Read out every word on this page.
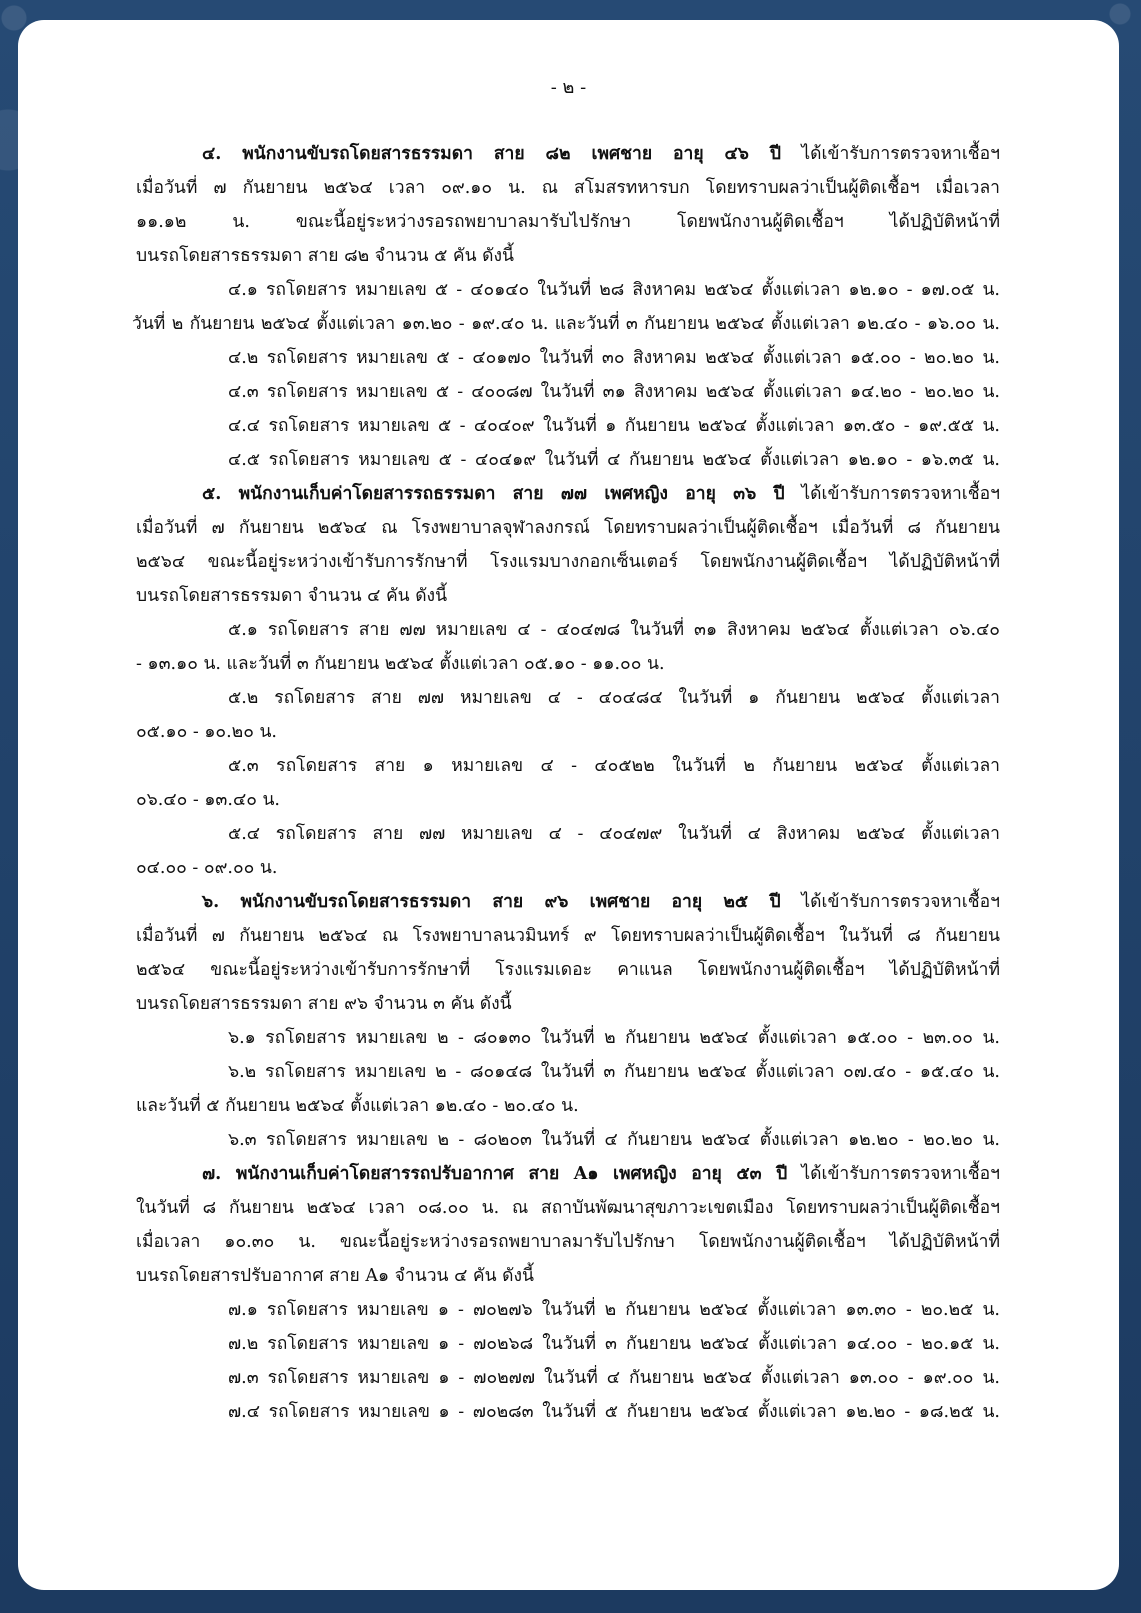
- ๒ -
๔. พนักงานขับรถโดยสารธรรมดา สาย ๘๒ เพศชาย อายุ ๔๖ ปี ได้เข้ารับการตรวจหาเชื้อฯ
เมื่อวันที่ ๗ กันยายน ๒๕๖๔ เวลา ๐๙.๑๐ น. ณ สโมสรทหารบก โดยทราบผลว่าเป็นผู้ติดเชื้อฯ เมื่อเวลา
๑๑.๑๒ น. ขณะนี้อยู่ระหว่างรอรถพยาบาลมารับไปรักษา โดยพนักงานผู้ติดเชื้อฯ ได้ปฏิบัติหน้าที่
บนรถโดยสารธรรมดา สาย ๘๒ จำนวน ๕ คัน ดังนี้
๔.๑ รถโดยสาร หมายเลข ๕ - ๔๐๑๔๐ ในวันที่ ๒๘ สิงหาคม ๒๕๖๔ ตั้งแต่เวลา ๑๒.๑๐ - ๑๗.๐๕ น.
วันที่ ๒ กันยายน ๒๕๖๔ ตั้งแต่เวลา ๑๓.๒๐ - ๑๙.๔๐ น. และวันที่ ๓ กันยายน ๒๕๖๔ ตั้งแต่เวลา ๑๒.๔๐ - ๑๖.๐๐ น.
๔.๒ รถโดยสาร หมายเลข ๕ - ๔๐๑๗๐ ในวันที่ ๓๐ สิงหาคม ๒๕๖๔ ตั้งแต่เวลา ๑๕.๐๐ - ๒๐.๒๐ น.
๔.๓ รถโดยสาร หมายเลข ๕ - ๔๐๐๘๗ ในวันที่ ๓๑ สิงหาคม ๒๕๖๔ ตั้งแต่เวลา ๑๔.๒๐ - ๒๐.๒๐ น.
๔.๔ รถโดยสาร หมายเลข ๕ - ๔๐๔๐๙ ในวันที่ ๑ กันยายน ๒๕๖๔ ตั้งแต่เวลา ๑๓.๕๐ - ๑๙.๕๕ น.
๔.๕ รถโดยสาร หมายเลข ๕ - ๔๐๔๑๙ ในวันที่ ๔ กันยายน ๒๕๖๔ ตั้งแต่เวลา ๑๒.๑๐ - ๑๖.๓๕ น.
๕. พนักงานเก็บค่าโดยสารรถธรรมดา สาย ๗๗ เพศหญิง อายุ ๓๖ ปี ได้เข้ารับการตรวจหาเชื้อฯ
เมื่อวันที่ ๗ กันยายน ๒๕๖๔ ณ โรงพยาบาลจุฬาลงกรณ์ โดยทราบผลว่าเป็นผู้ติดเชื้อฯ เมื่อวันที่ ๘ กันยายน
๒๕๖๔ ขณะนี้อยู่ระหว่างเข้ารับการรักษาที่ โรงแรมบางกอกเซ็นเตอร์ โดยพนักงานผู้ติดเชื้อฯ ได้ปฏิบัติหน้าที่
บนรถโดยสารธรรมดา จำนวน ๔ คัน ดังนี้
๕.๑ รถโดยสาร สาย ๗๗ หมายเลข ๔ - ๔๐๔๗๘ ในวันที่ ๓๑ สิงหาคม ๒๕๖๔ ตั้งแต่เวลา ๐๖.๔๐
- ๑๓.๑๐ น. และวันที่ ๓ กันยายน ๒๕๖๔ ตั้งแต่เวลา ๐๕.๑๐ - ๑๑.๐๐ น.
๕.๒ รถโดยสาร สาย ๗๗ หมายเลข ๔ - ๔๐๔๘๔ ในวันที่ ๑ กันยายน ๒๕๖๔ ตั้งแต่เวลา
๐๕.๑๐ - ๑๐.๒๐ น.
๕.๓ รถโดยสาร สาย ๑ หมายเลข ๔ - ๔๐๕๒๒ ในวันที่ ๒ กันยายน ๒๕๖๔ ตั้งแต่เวลา
๐๖.๔๐ - ๑๓.๔๐ น.
๕.๔ รถโดยสาร สาย ๗๗ หมายเลข ๔ - ๔๐๔๗๙ ในวันที่ ๔ สิงหาคม ๒๕๖๔ ตั้งแต่เวลา
๐๔.๐๐ - ๐๙.๐๐ น.
๖. พนักงานขับรถโดยสารธรรมดา สาย ๙๖ เพศชาย อายุ ๒๕ ปี ได้เข้ารับการตรวจหาเชื้อฯ
เมื่อวันที่ ๗ กันยายน ๒๕๖๔ ณ โรงพยาบาลนวมินทร์ ๙ โดยทราบผลว่าเป็นผู้ติดเชื้อฯ ในวันที่ ๘ กันยายน
๒๕๖๔ ขณะนี้อยู่ระหว่างเข้ารับการรักษาที่ โรงแรมเดอะ คาแนล โดยพนักงานผู้ติดเชื้อฯ ได้ปฏิบัติหน้าที่
บนรถโดยสารธรรมดา สาย ๙๖ จำนวน ๓ คัน ดังนี้
๖.๑ รถโดยสาร หมายเลข ๒ - ๘๐๑๓๐ ในวันที่ ๒ กันยายน ๒๕๖๔ ตั้งแต่เวลา ๑๕.๐๐ - ๒๓.๐๐ น.
๖.๒ รถโดยสาร หมายเลข ๒ - ๘๐๑๔๘ ในวันที่ ๓ กันยายน ๒๕๖๔ ตั้งแต่เวลา ๐๗.๔๐ - ๑๕.๔๐ น.
และวันที่ ๕ กันยายน ๒๕๖๔ ตั้งแต่เวลา ๑๒.๔๐ - ๒๐.๔๐ น.
๖.๓ รถโดยสาร หมายเลข ๒ - ๘๐๒๐๓ ในวันที่ ๔ กันยายน ๒๕๖๔ ตั้งแต่เวลา ๑๒.๒๐ - ๒๐.๒๐ น.
๗. พนักงานเก็บค่าโดยสารรถปรับอากาศ สาย A๑ เพศหญิง อายุ ๕๓ ปี ได้เข้ารับการตรวจหาเชื้อฯ
ในวันที่ ๘ กันยายน ๒๕๖๔ เวลา ๐๘.๐๐ น. ณ สถาบันพัฒนาสุขภาวะเขตเมือง โดยทราบผลว่าเป็นผู้ติดเชื้อฯ
เมื่อเวลา ๑๐.๓๐ น. ขณะนี้อยู่ระหว่างรอรถพยาบาลมารับไปรักษา โดยพนักงานผู้ติดเชื้อฯ ได้ปฏิบัติหน้าที่
บนรถโดยสารปรับอากาศ สาย A๑ จำนวน ๔ คัน ดังนี้
๗.๑ รถโดยสาร หมายเลข ๑ - ๗๐๒๗๖ ในวันที่ ๒ กันยายน ๒๕๖๔ ตั้งแต่เวลา ๑๓.๓๐ - ๒๐.๒๕ น.
๗.๒ รถโดยสาร หมายเลข ๑ - ๗๐๒๖๘ ในวันที่ ๓ กันยายน ๒๕๖๔ ตั้งแต่เวลา ๑๔.๐๐ - ๒๐.๑๕ น.
๗.๓ รถโดยสาร หมายเลข ๑ - ๗๐๒๗๗ ในวันที่ ๔ กันยายน ๒๕๖๔ ตั้งแต่เวลา ๑๓.๐๐ - ๑๙.๐๐ น.
๗.๔ รถโดยสาร หมายเลข ๑ - ๗๐๒๘๓ ในวันที่ ๕ กันยายน ๒๕๖๔ ตั้งแต่เวลา ๑๒.๒๐ - ๑๘.๒๕ น.
